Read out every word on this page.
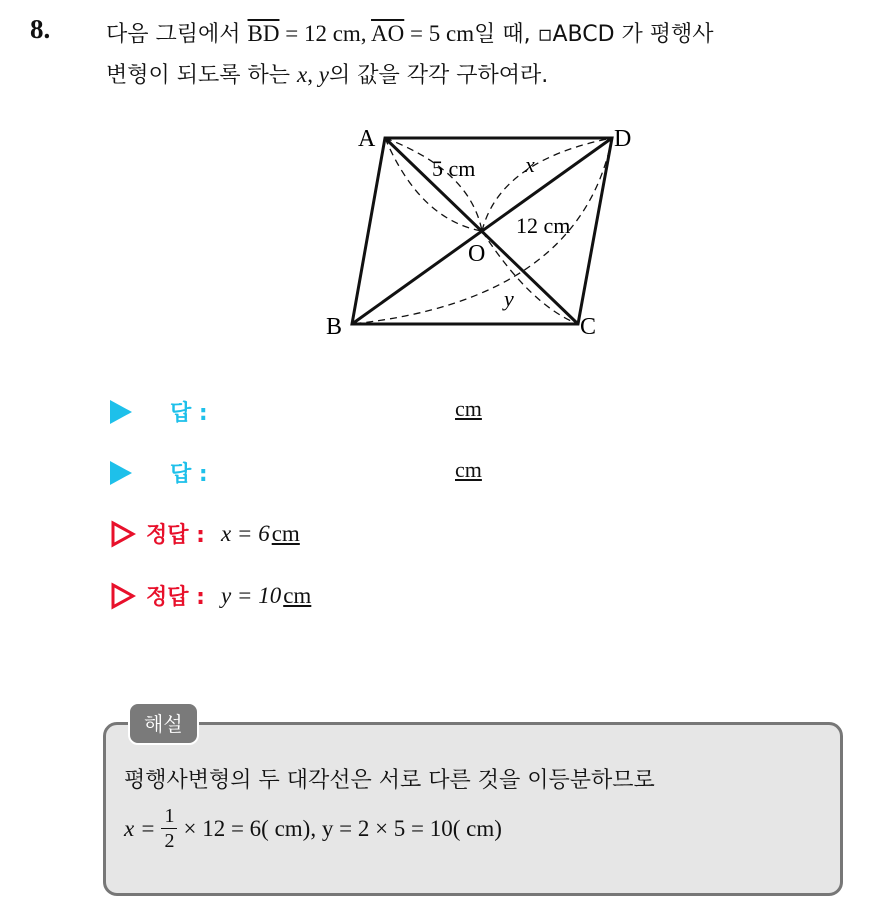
8.	다음 그림에서 $\overline{BD} = 12$ cm, $\overline{AO} = 5$ cm일 때, ▫ABCD 가 평행사
변형이 되도록 하는 x, y의 값을 각각 구하여라.
A	D
B	C
O
5 cm x
12 cm
y
답 :	cm
답 :	cm
정답 : x = 6 cm
정답 : y = 10 cm
해설
평행사변형의 두 대각선은 서로 다른 것을 이등분하므로
$x = \frac{1}{2} \times 12 = 6$( cm), y = 2 × 5 = 10( cm)
